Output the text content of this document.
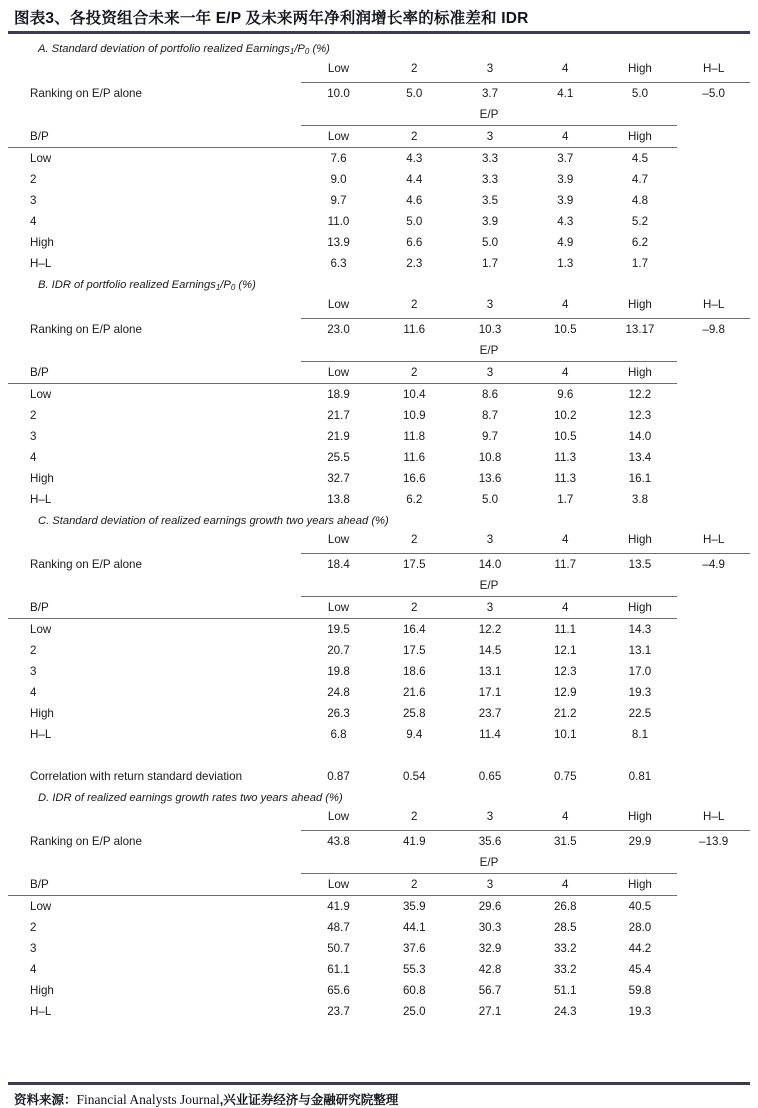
图表3、各投资组合未来一年 E/P 及未来两年净利润增长率的标准差和 IDR
A. Standard deviation of portfolio realized $Earnings_1/P_0$ (%)
	Low	2	3	4	High	H–L

Ranking on E/P alone	10.0	5.0	3.7	4.1	5.0	–5.0
	E/P					
B/P	Low	2	3	4	High	
Low	7.6	4.3	3.3	3.7	4.5	
2	9.0	4.4	3.3	3.9	4.7	
3	9.7	4.6	3.5	3.9	4.8	
4	11.0	5.0	3.9	4.3	5.2	
High	13.9	6.6	5.0	4.9	6.2	
H–L	6.3	2.3	1.7	1.3	1.7	
B. IDR of portfolio realized $Earnings_1/P_0$ (%)
	Low	2	3	4	High	H–L

Ranking on E/P alone	23.0	11.6	10.3	10.5	13.17	–9.8
	E/P					
B/P	Low	2	3	4	High	
Low	18.9	10.4	8.6	9.6	12.2	
2	21.7	10.9	8.7	10.2	12.3	
3	21.9	11.8	9.7	10.5	14.0	
4	25.5	11.6	10.8	11.3	13.4	
High	32.7	16.6	13.6	11.3	16.1	
H–L	13.8	6.2	5.0	1.7	3.8	
C. Standard deviation of realized earnings growth two years ahead (%)
	Low	2	3	4	High	H–L

Ranking on E/P alone	18.4	17.5	14.0	11.7	13.5	–4.9
	E/P					
B/P	Low	2	3	4	High	
Low	19.5	16.4	12.2	11.1	14.3	
2	20.7	17.5	14.5	12.1	13.1	
3	19.8	18.6	13.1	12.3	17.0	
4	24.8	21.6	17.1	12.9	19.3	
High	26.3	25.8	23.7	21.2	22.5	
H–L	6.8	9.4	11.4	10.1	8.1	

Correlation with return standard deviation	0.87	0.54	0.65	0.75	0.81	
D. IDR of realized earnings growth rates two years ahead (%)
	Low	2	3	4	High	H–L

Ranking on E/P alone	43.8	41.9	35.6	31.5	29.9	–13.9
	E/P					
B/P	Low	2	3	4	High	
Low	41.9	35.9	29.6	26.8	40.5	
2	48.7	44.1	30.3	28.5	28.0	
3	50.7	37.6	32.9	33.2	44.2	
4	61.1	55.3	42.8	33.2	45.4	
High	65.6	60.8	56.7	51.1	59.8	
H–L	23.7	25.0	27.1	24.3	19.3	
资料来源：Financial Analysts Journal,兴业证券经济与金融研究院整理
